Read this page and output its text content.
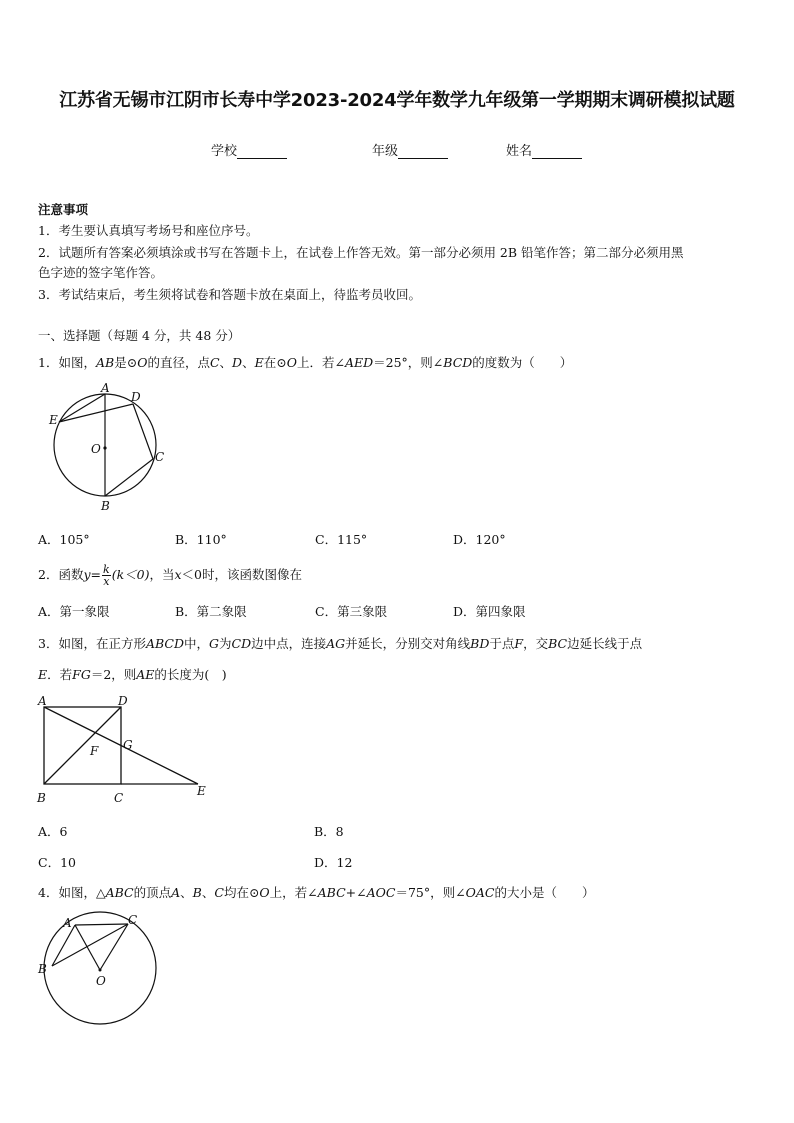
江苏省无锡市江阴市长寿中学2023-2024学年数学九年级第一学期期末调研模拟试题
学校	年级	姓名
注意事项
1．考生要认真填写考场号和座位序号。
2．试题所有答案必须填涂或书写在答题卡上，在试卷上作答无效。第一部分必须用 2B 铅笔作答；第二部分必须用黑
色字迹的签字笔作答。
3．考试结束后，考生须将试卷和答题卡放在桌面上，待监考员收回。
一、选择题（每题 4 分，共 48 分）
1．如图，AB是⊙O的直径，点C、D、E在⊙O上．若∠AED＝25°，则∠BCD的度数为（　　）
A
D
E
O
C
B
A．105°	B．110°	C．115°	D．120°
2．函数$y= \frac{k}{x} (k<0)$，当x＜0时，该函数图像在
A．第一象限	B．第二象限	C．第三象限	D．第四象限
3．如图，在正方形ABCD中，G为CD边中点，连接AG并延长，分别交对角线BD于点F，交BC边延长线于点
E．若FG＝2，则AE的长度为(　)
A	D
G
F
B	C	E
A．6	B．8
C．10	D．12
4．如图，△ABC的顶点A、B、C均在⊙O上，若∠ABC+∠AOC＝75°，则∠OAC的大小是（　　）
A	C
B
O
